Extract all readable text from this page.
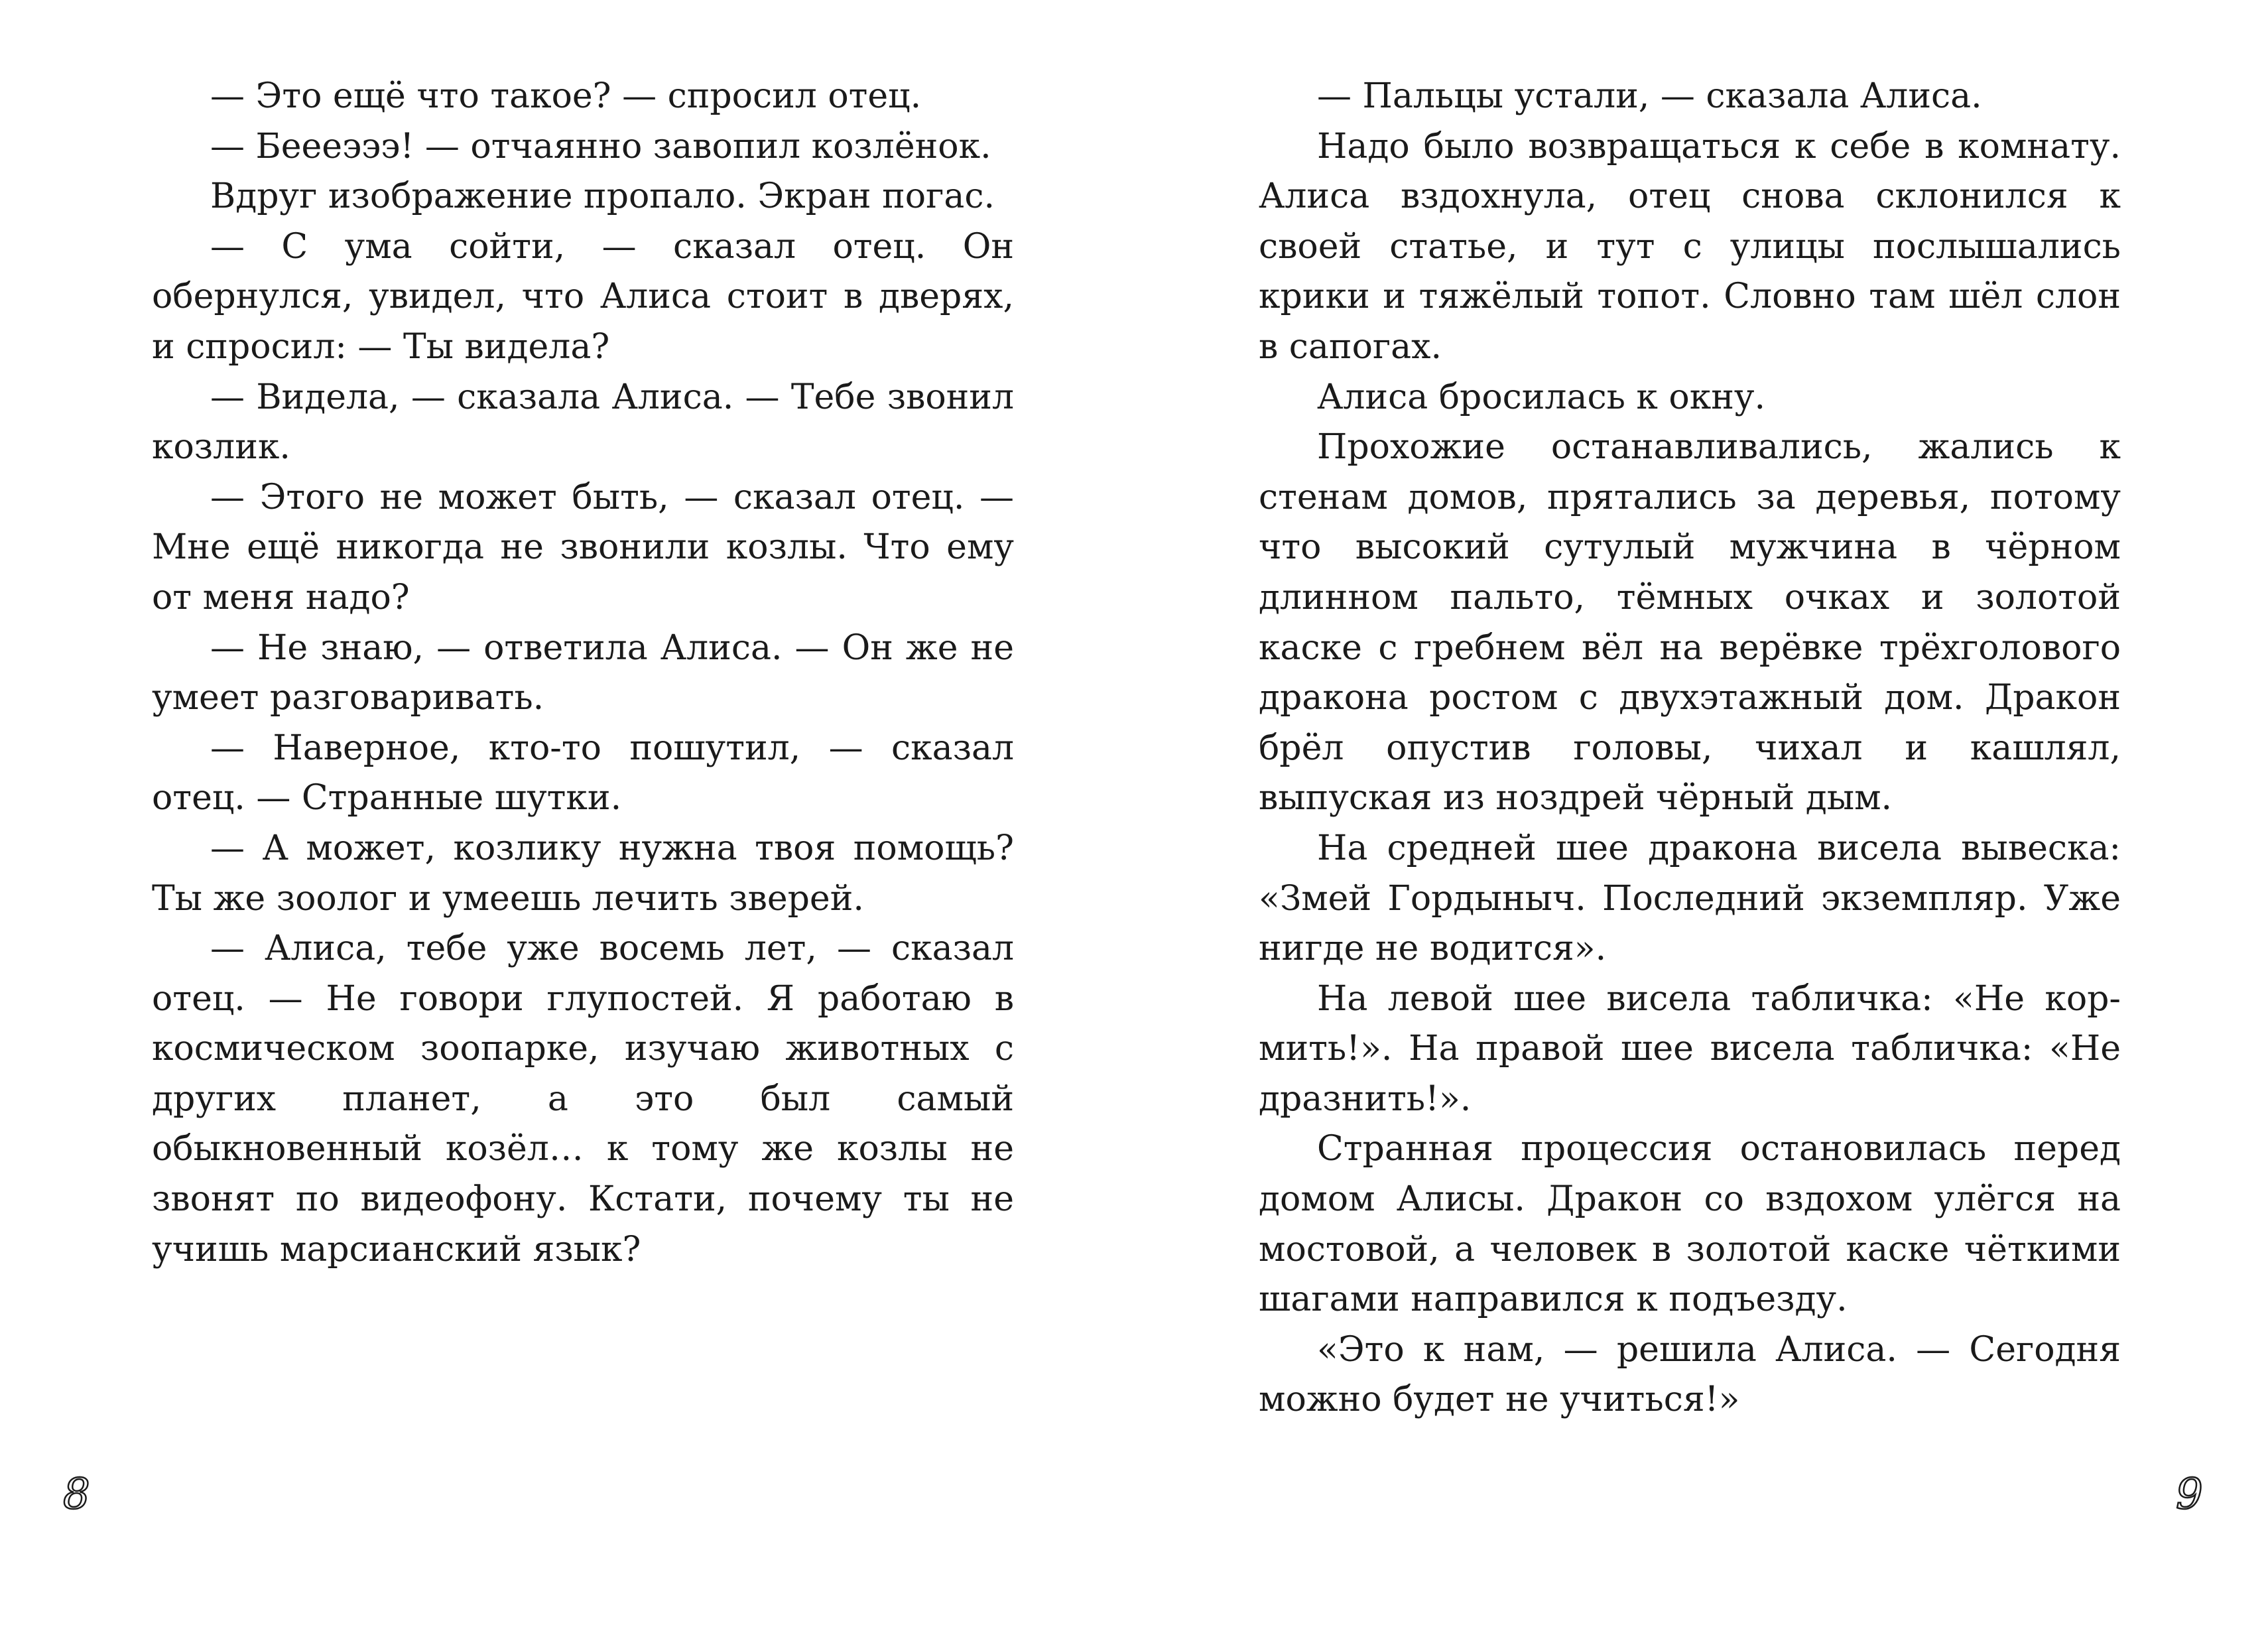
— Это ещё что такое? — спросил отец.

— Беееэээ! — отчаянно завопил козлёнок.

Вдруг изображение пропало. Экран погас.

— С ума сойти, — сказал отец. Он обернулся, увидел, что Алиса стоит в дверях, и спросил: — Ты видела?

— Видела, — сказала Алиса. — Тебе звонил козлик.

— Этого не может быть, — сказал отец. — Мне ещё никогда не звонили козлы. Что ему от меня надо?

— Не знаю, — ответила Алиса. — Он же не умеет разговаривать.

— Наверное, кто-то пошутил, — сказал отец. — Странные шутки.

— А может, козлику нужна твоя помощь? Ты же зоолог и умеешь лечить зверей.

— Алиса, тебе уже восемь лет, — сказал отец. — Не говори глупостей. Я работаю в космическом зоопарке, изучаю животных с других планет, а это был самый обыкновенный козёл… к тому же козлы не звонят по видеофону. Кстати, почему ты не учишь марсианский язык?

— Пальцы устали, — сказала Алиса.

Надо было возвращаться к себе в комнату. Алиса вздохнула, отец снова склонился к своей статье, и тут с улицы послышались крики и тяжёлый топот. Словно там шёл слон в сапогах.

Алиса бросилась к окну.

Прохожие останавливались, жались к стенам домов, прятались за деревья, потому что высокий сутулый мужчина в чёрном длинном пальто, тёмных очках и золотой каске с гребнем вёл на верёвке трёхголового дракона ростом с двухэтажный дом. Дракон брёл опустив головы, чихал и кашлял, выпуская из ноздрей чёрный дым.

На средней шее дракона висела вывеска: «Змей Гордыныч. Последний экземпляр. Уже нигде не водится».

На левой шее висела табличка: «Не кормить!». На правой шее висела табличка: «Не дразнить!».

Странная процессия остановилась перед домом Алисы. Дракон со вздохом улёгся на мостовой, а человек в золотой каске чёткими шагами направился к подъезду.

«Это к нам, — решила Алиса. — Сегодня можно будет не учиться!»

8	9
